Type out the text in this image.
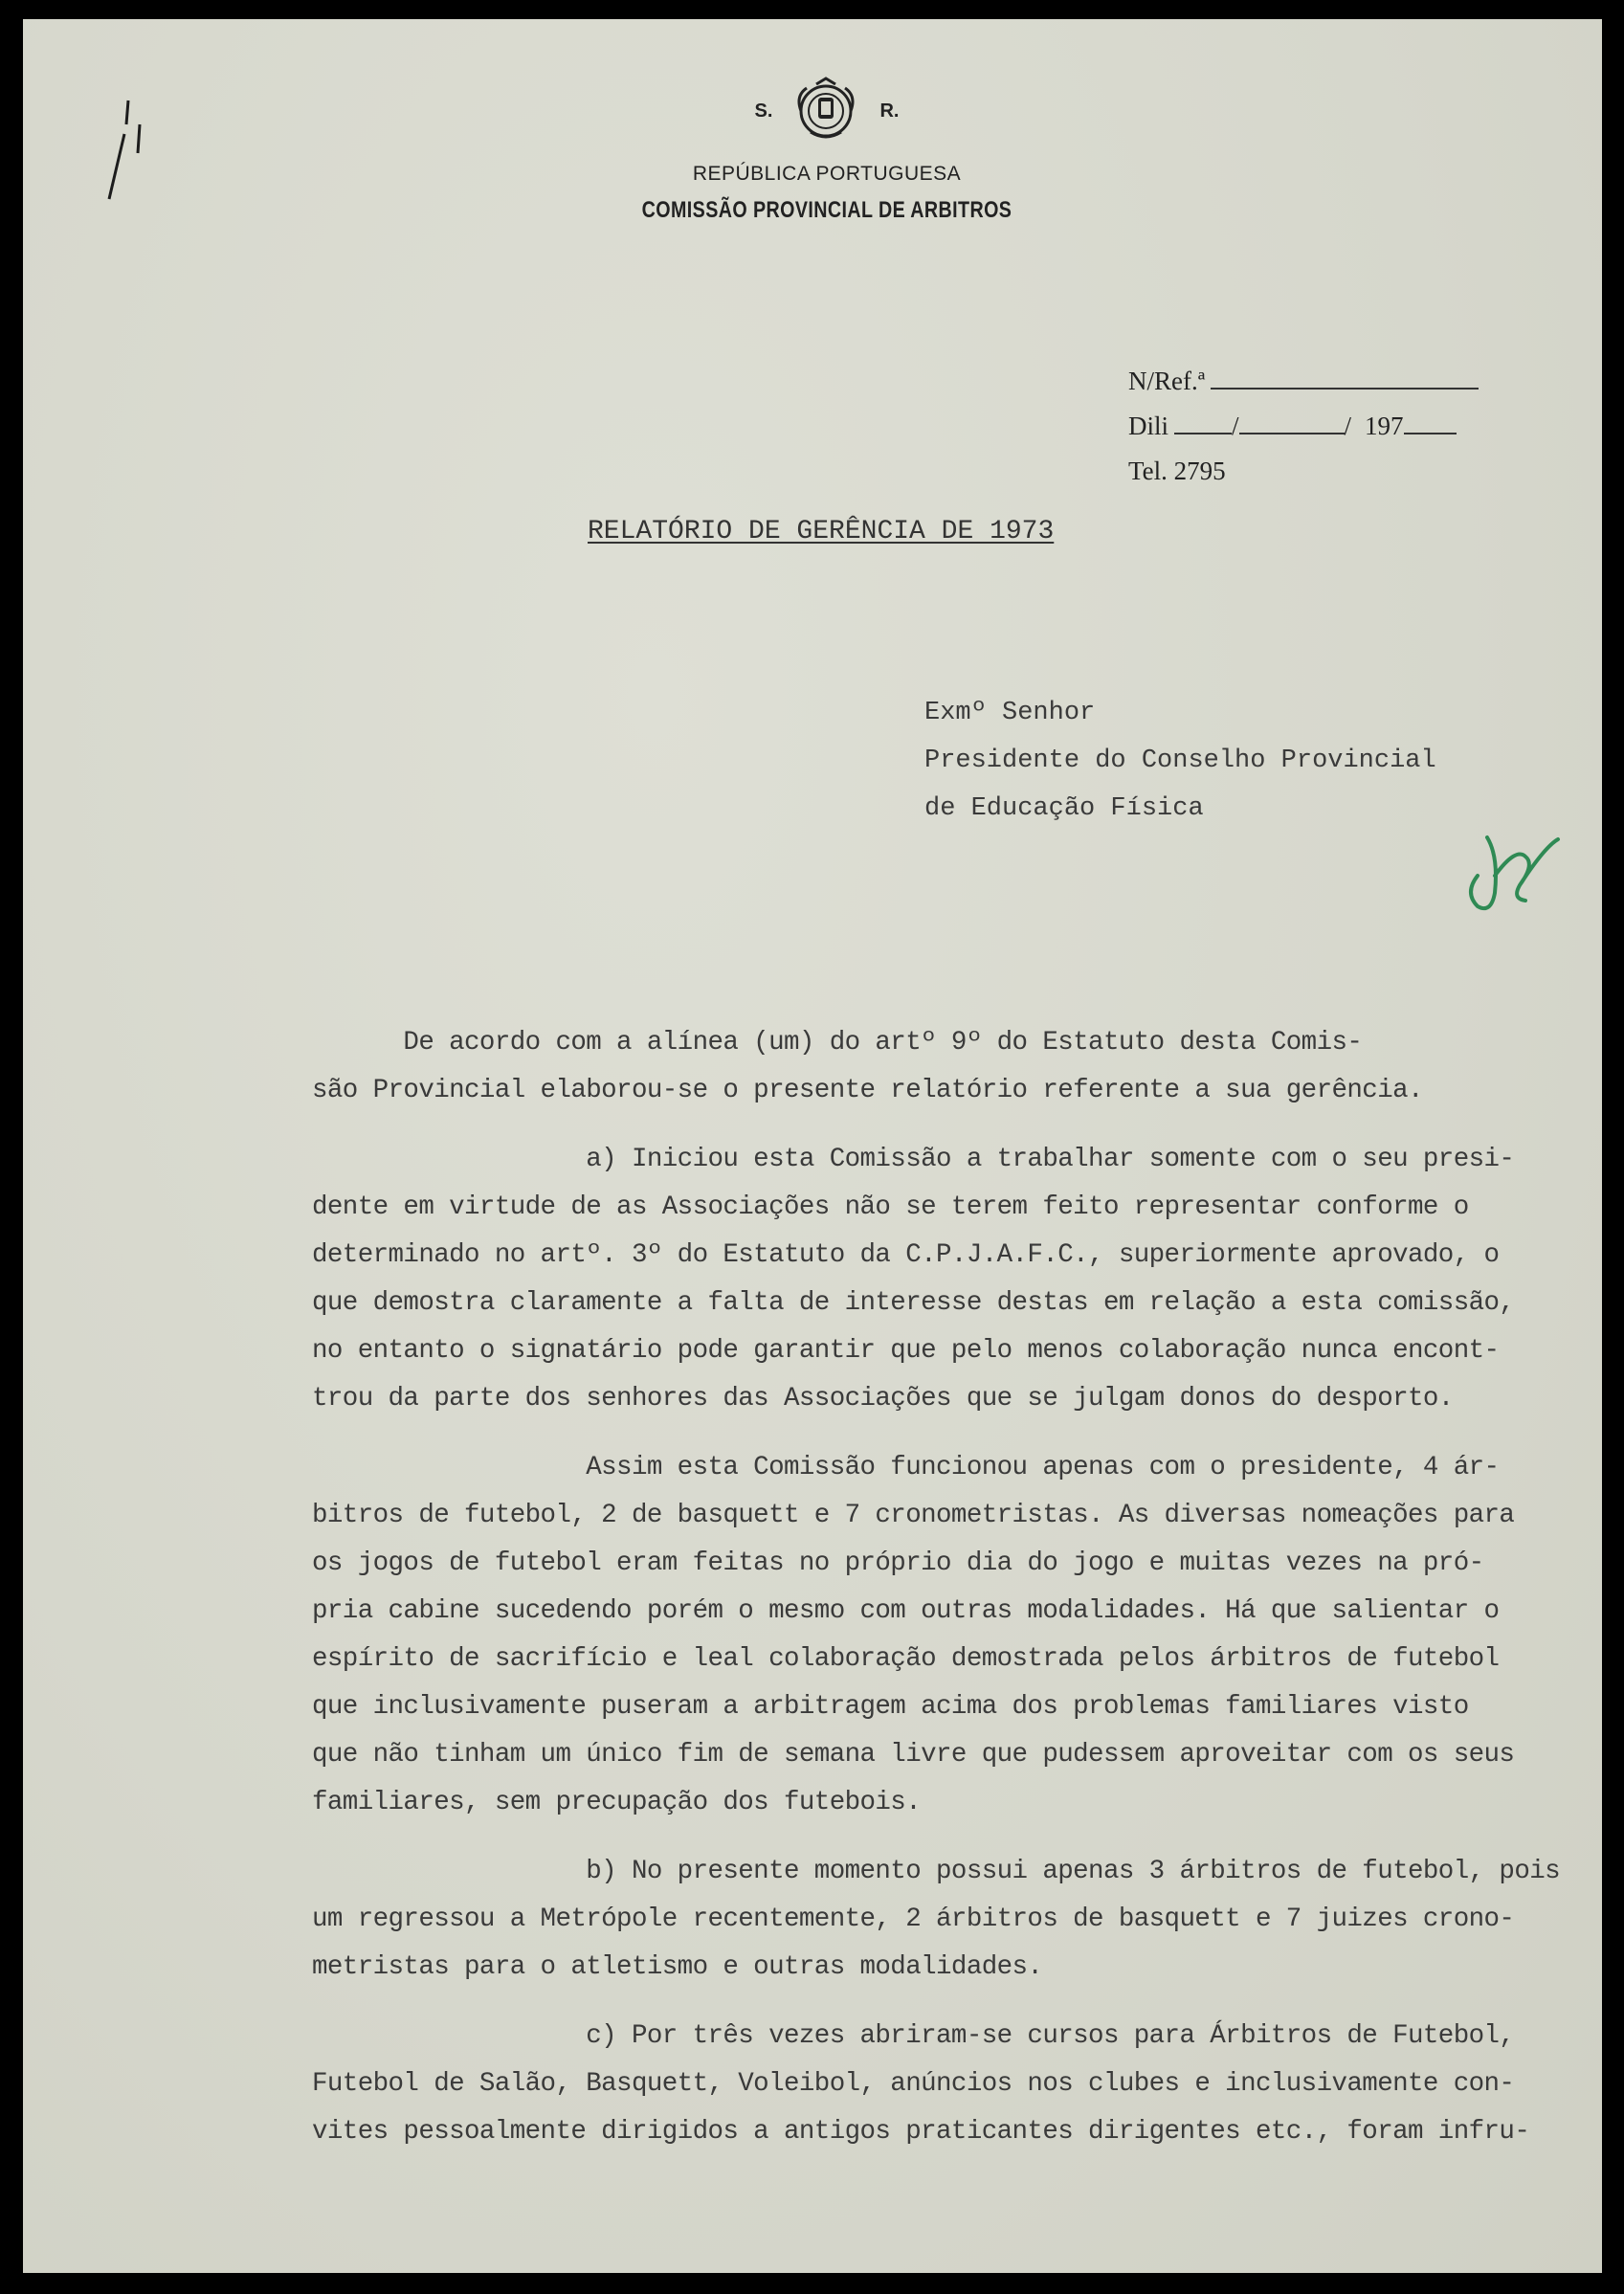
S.	R.
REPÚBLICA PORTUGUESA
COMISSÃO PROVINCIAL DE ARBITROS
N/Ref.ª
Dili /	/ 197
Tel. 2795
RELATÓRIO DE GERÊNCIA DE 1973
Exmº Senhor
Presidente do Conselho Provincial
de Educação Física

De acordo com a alínea (um) do artº 9º do Estatuto desta Comis-
são Provincial elaborou-se o presente relatório referente a sua gerência.

a) Iniciou esta Comissão a trabalhar somente com o seu presi-
dente em virtude de as Associações não se terem feito representar conforme o
determinado no artº. 3º do Estatuto da C.P.J.A.F.C., superiormente aprovado, o
que demostra claramente a falta de interesse destas em relação a esta comissão,
no entanto o signatário pode garantir que pelo menos colaboração nunca encont-
trou da parte dos senhores das Associações que se julgam donos do desporto.

Assim esta Comissão funcionou apenas com o presidente, 4 ár-
bitros de futebol, 2 de basquett e 7 cronometristas. As diversas nomeações para
os jogos de futebol eram feitas no próprio dia do jogo e muitas vezes na pró-
pria cabine sucedendo porém o mesmo com outras modalidades. Há que salientar o
espírito de sacrifício e leal colaboração demostrada pelos árbitros de futebol
que inclusivamente puseram a arbitragem acima dos problemas familiares visto
que não tinham um único fim de semana livre que pudessem aproveitar com os seus
familiares, sem precupação dos futebois.

b) No presente momento possui apenas 3 árbitros de futebol, pois
um regressou a Metrópole recentemente, 2 árbitros de basquett e 7 juizes crono-
metristas para o atletismo e outras modalidades.

c) Por três vezes abriram-se cursos para Árbitros de Futebol,
Futebol de Salão, Basquett, Voleibol, anúncios nos clubes e inclusivamente con-
vites pessoalmente dirigidos a antigos praticantes dirigentes etc., foram infru-
